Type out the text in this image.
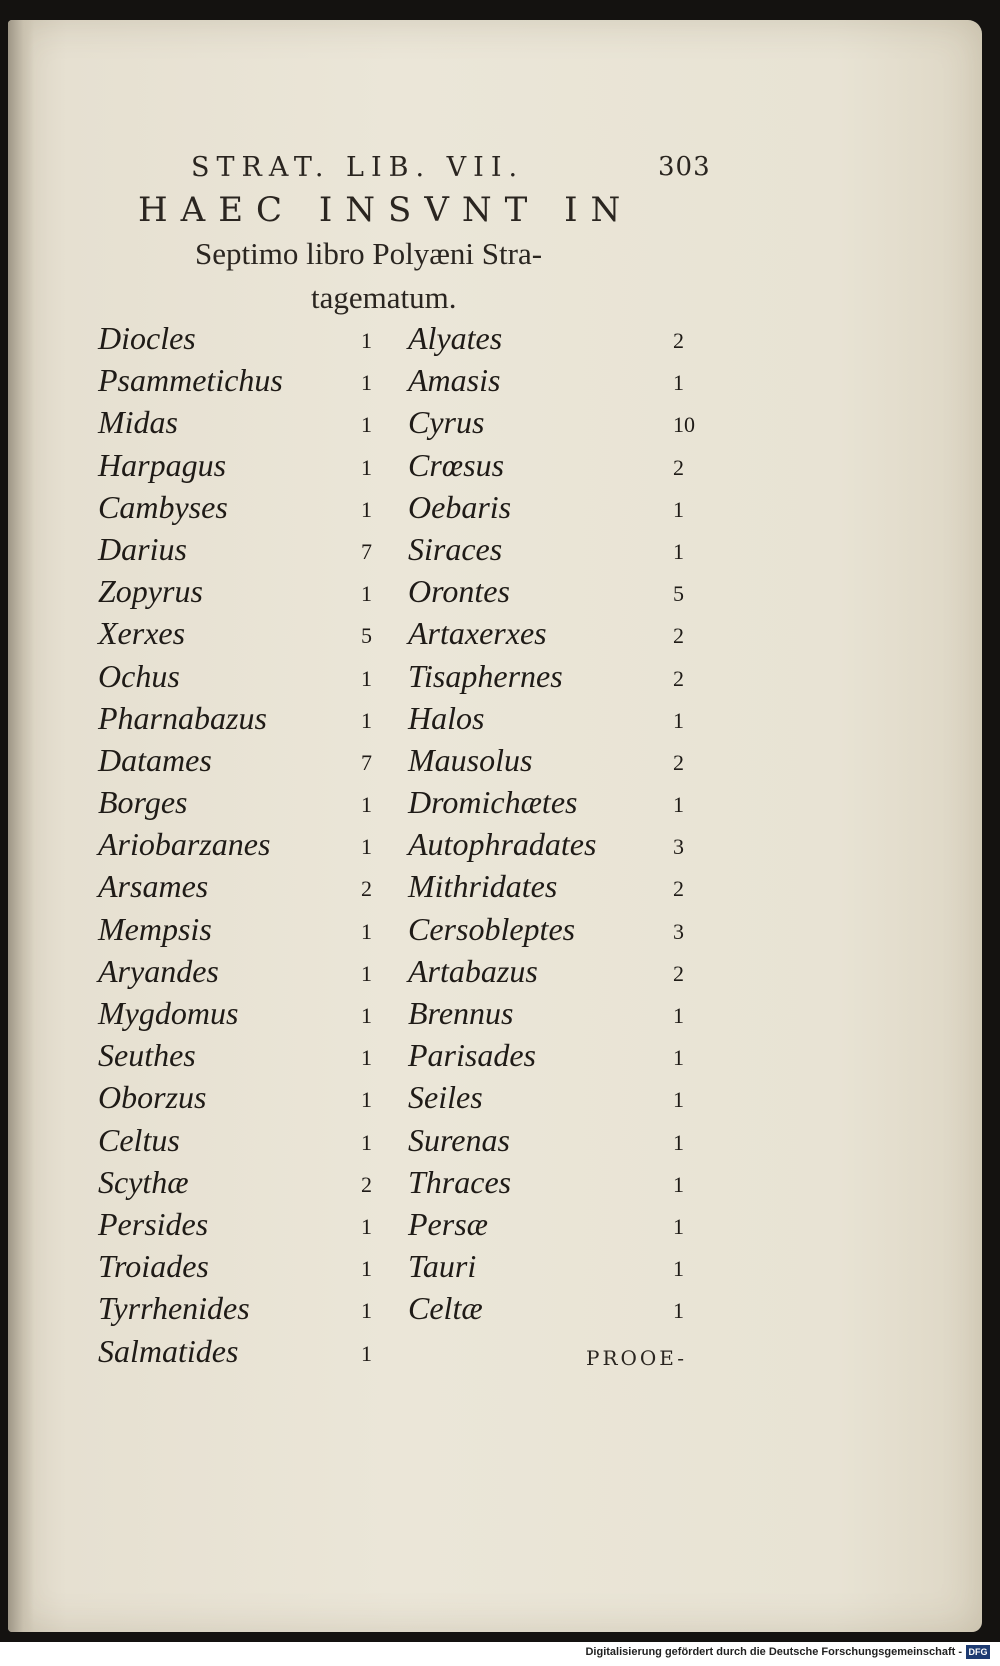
STRAT. LIB. VII.	303
HAEC INSVNT IN
Septimo libro Polyæni Stra-
tagematum.
Diocles	1 Alyates	2
Psammetichus	1 Amasis	1
Midas	1 Cyrus	10
Harpagus	1 Crœsus	2
Cambyses	1 Oebaris	1
Darius	7 Siraces	1
Zopyrus	1 Orontes	5
Xerxes	5 Artaxerxes	2
Ochus	1 Tisaphernes	2
Pharnabazus	1 Halos	1
Datames	7 Mausolus	2
Borges	1 Dromichætes	1
Ariobarzanes	1 Autophradates	3
Arsames	2 Mithridates	2
Mempsis	1 Cersobleptes	3
Aryandes	1 Artabazus	2
Mygdomus	1 Brennus	1
Seuthes	1 Parisades	1
Oborzus	1 Seiles	1
Celtus	1 Surenas	1
Scythæ	2 Thraces	1
Persides	1 Persæ	1
Troiades	1 Tauri	1
Tyrrhenides	1 Celtæ	1
Salmatides	1	PROOE-
Digitalisierung gefördert durch die Deutsche Forschungsgemeinschaft - DFG
